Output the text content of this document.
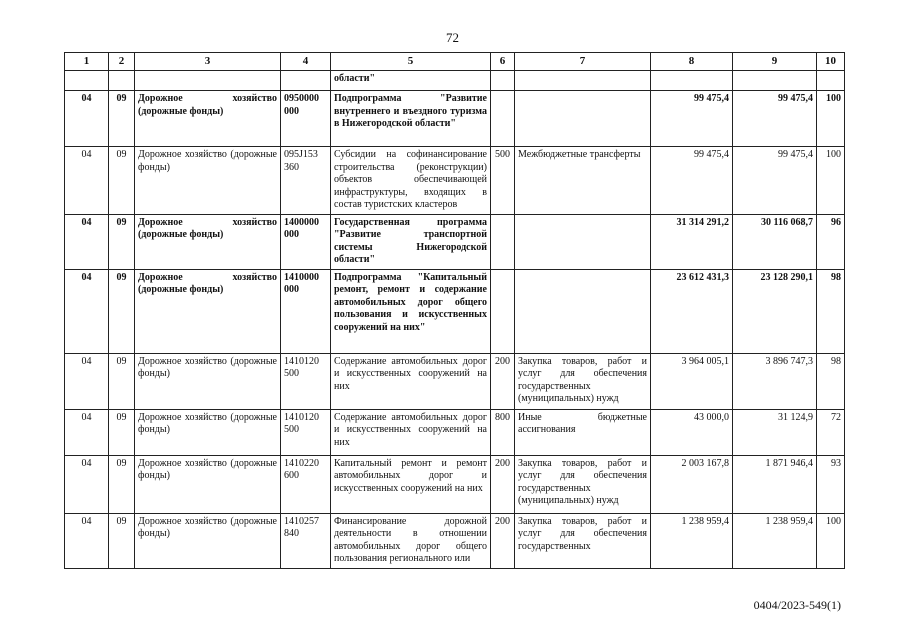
72
1	2	3	4	5	6	7	8	9	10
				области"					
04	09	Дорожное хозяйство (дорожные фонды)	0950000 000	Подпрограмма "Развитие внутреннего и въездного туризма в Нижегородской области"			99 475,4	99 475,4	100
04	09	Дорожное хозяйство (дорожные фонды)	095J153 360	Субсидии на софинансирование строительства (реконструкции) объектов обеспечивающей инфраструктуры, входящих в состав туристских кластеров	500	Межбюджетные трансферты	99 475,4	99 475,4	100
04	09	Дорожное хозяйство (дорожные фонды)	1400000 000	Государственная программа "Развитие транспортной системы Нижегородской области"			31 314 291,2	30 116 068,7	96
04	09	Дорожное хозяйство (дорожные фонды)	1410000 000	Подпрограмма "Капитальный ремонт, ремонт и содержание автомобильных дорог общего пользования и искусственных сооружений на них"			23 612 431,3	23 128 290,1	98
04	09	Дорожное хозяйство (дорожные фонды)	1410120 500	Содержание автомобильных дорог и искусственных сооружений на них	200	Закупка товаров, работ и услуг для обеспечения государственных (муниципальных) нужд	3 964 005,1	3 896 747,3	98
04	09	Дорожное хозяйство (дорожные фонды)	1410120 500	Содержание автомобильных дорог и искусственных сооружений на них	800	Иные бюджетные ассигнования	43 000,0	31 124,9	72
04	09	Дорожное хозяйство (дорожные фонды)	1410220 600	Капитальный ремонт и ремонт автомобильных дорог и искусственных сооружений на них	200	Закупка товаров, работ и услуг для обеспечения государственных (муниципальных) нужд	2 003 167,8	1 871 946,4	93
04	09	Дорожное хозяйство (дорожные фонды)	1410257 840	Финансирование дорожной деятельности в отношении автомобильных дорог общего пользования регионального или	200	Закупка товаров, работ и услуг для обеспечения государственных	1 238 959,4	1 238 959,4	100
0404/2023-549(1)
